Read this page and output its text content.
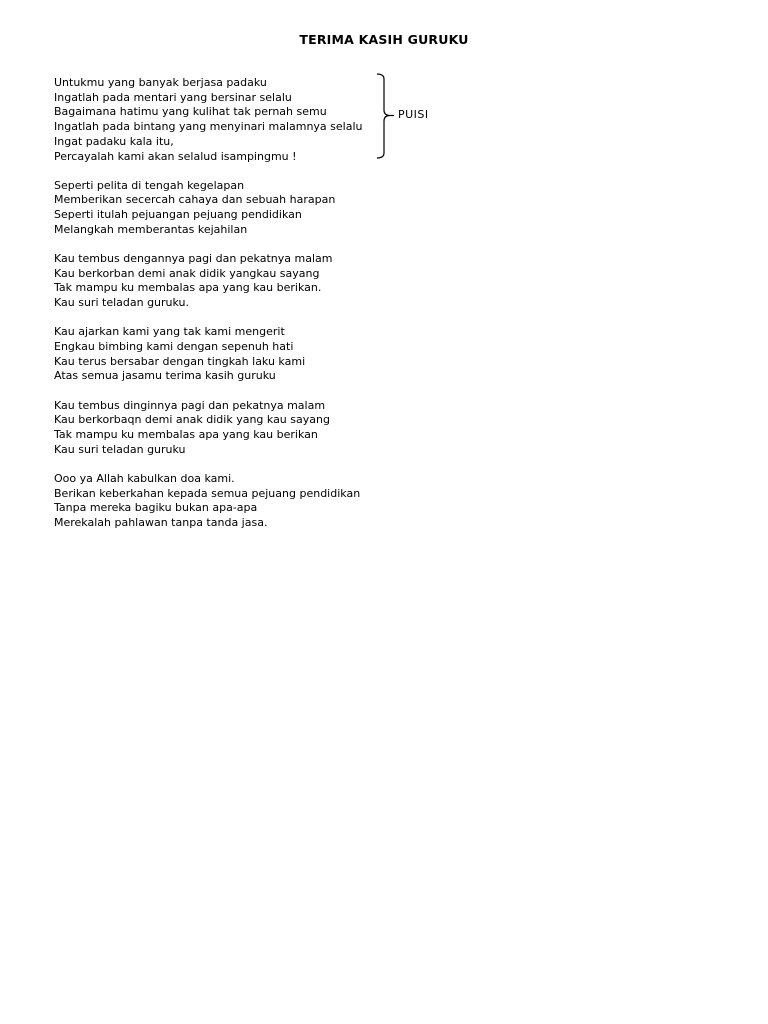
TERIMA KASIH GURUKU
Untukmu yang banyak berjasa padaku
Ingatlah pada mentari yang bersinar selalu
Bagaimana hatimu yang kulihat tak pernah semu
Ingatlah pada bintang yang menyinari malamnya selalu
Ingat padaku kala itu,
Percayalah kami akan selalud isampingmu !
Seperti pelita di tengah kegelapan
Memberikan secercah cahaya dan sebuah harapan
Seperti itulah pejuangan pejuang pendidikan
Melangkah memberantas kejahilan
Kau tembus dengannya pagi dan pekatnya malam
Kau berkorban demi anak didik yangkau sayang
Tak mampu ku membalas apa yang kau berikan.
Kau suri teladan guruku.
Kau ajarkan kami yang tak kami mengerit
Engkau bimbing kami dengan sepenuh hati
Kau terus bersabar dengan tingkah laku kami
Atas semua jasamu terima kasih guruku
Kau tembus dinginnya pagi dan pekatnya malam
Kau berkorbaqn demi anak didik yang kau sayang
Tak mampu ku membalas apa yang kau berikan
Kau suri teladan guruku
Ooo ya Allah kabulkan doa kami.
Berikan keberkahan kepada semua pejuang pendidikan
Tanpa mereka bagiku bukan apa-apa
Merekalah pahlawan tanpa tanda jasa.
PUISI
